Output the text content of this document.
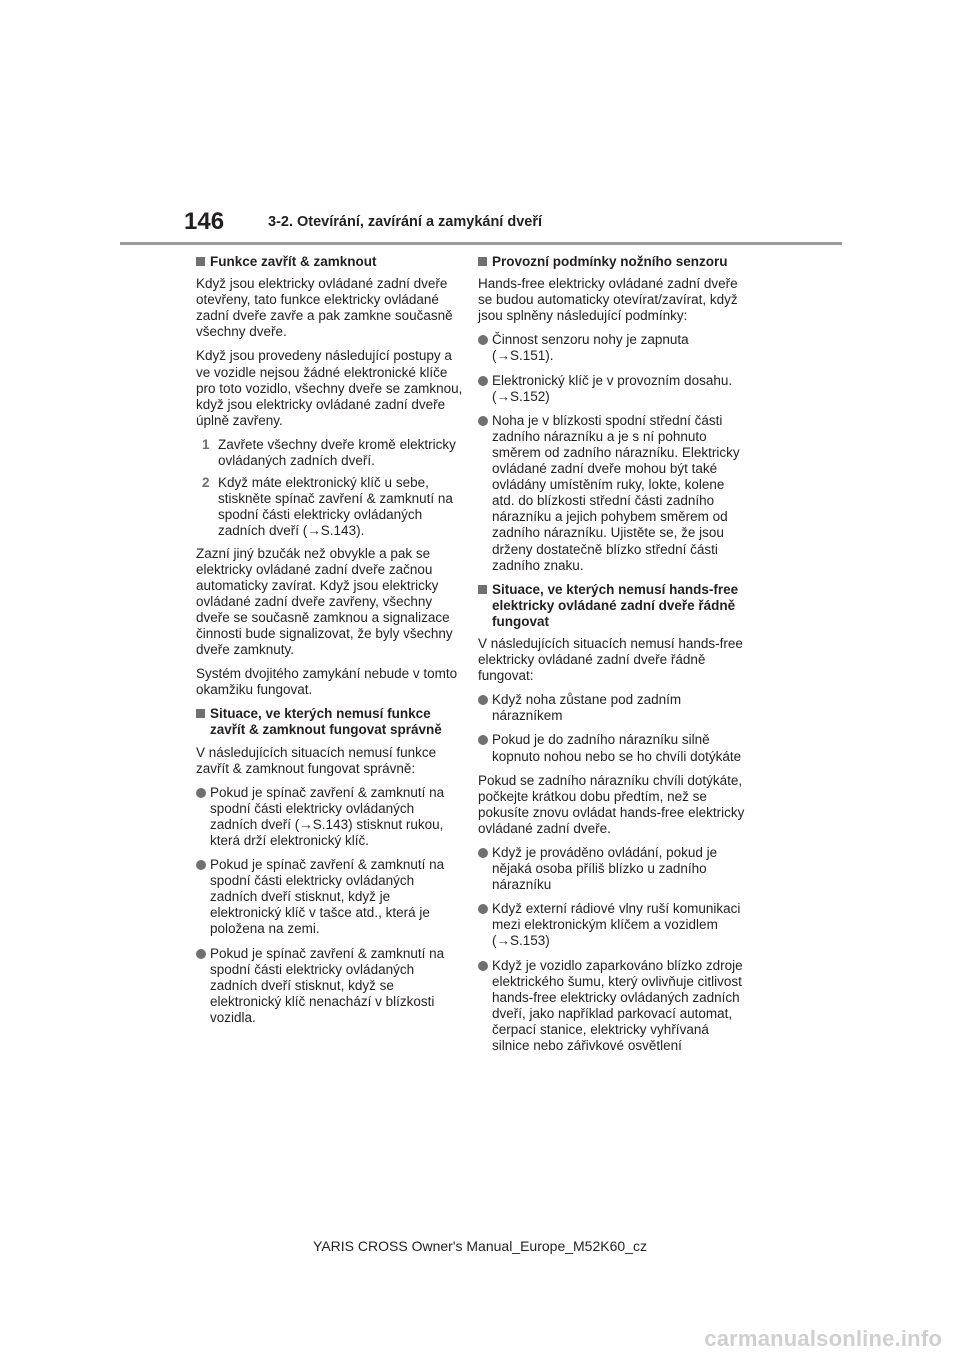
146	3-2. Otevírání, zavírání a zamykání dveří
Funkce zavřít & zamknout

Když jsou elektricky ovládané zadní dveře otevřeny, tato funkce elektricky ovládané zadní dveře zavře a pak zamkne současně všechny dveře.

Když jsou provedeny následující postupy a ve vozidle nejsou žádné elektronické klíče pro toto vozidlo, všechny dveře se zamknou, když jsou elektricky ovládané zadní dveře úplně zavřeny.

1 Zavřete všechny dveře kromě elektricky ovládaných zadních dveří.
2 Když máte elektronický klíč u sebe, stiskněte spínač zavření & zamknutí na spodní části elektricky ovládaných zadních dveří (→S.143).

Zazní jiný bzučák než obvykle a pak se elektricky ovládané zadní dveře začnou automaticky zavírat. Když jsou elektricky ovládané zadní dveře zavřeny, všechny dveře se současně zamknou a signalizace činnosti bude signalizovat, že byly všechny dveře zamknuty.

Systém dvojitého zamykání nebude v tomto okamžiku fungovat.

Situace, ve kterých nemusí funkce zavřít & zamknout fungovat správně

V následujících situacích nemusí funkce zavřít & zamknout fungovat správně:

Pokud je spínač zavření & zamknutí na spodní části elektricky ovládaných zadních dveří (→S.143) stisknut rukou, která drží elektronický klíč.
Pokud je spínač zavření & zamknutí na spodní části elektricky ovládaných zadních dveří stisknut, když je elektronický klíč v tašce atd., která je položena na zemi.
Pokud je spínač zavření & zamknutí na spodní části elektricky ovládaných zadních dveří stisknut, když se elektronický klíč nenachází v blízkosti vozidla.
Provozní podmínky nožního senzoru

Hands-free elektricky ovládané zadní dveře se budou automaticky otevírat/zavírat, když jsou splněny následující podmínky:

Činnost senzoru nohy je zapnuta (→S.151).
Elektronický klíč je v provozním dosahu. (→S.152)
Noha je v blízkosti spodní střední části zadního nárazníku a je s ní pohnuto směrem od zadního nárazníku. Elektricky ovládané zadní dveře mohou být také ovládány umístěním ruky, lokte, kolene atd. do blízkosti střední části zadního nárazníku a jejich pohybem směrem od zadního nárazníku. Ujistěte se, že jsou drženy dostatečně blízko střední části zadního znaku.
Situace, ve kterých nemusí hands-free elektricky ovládané zadní dveře řádně fungovat

V následujících situacích nemusí hands-free elektricky ovládané zadní dveře řádně fungovat:

Když noha zůstane pod zadním nárazníkem
Pokud je do zadního nárazníku silně kopnuto nohou nebo se ho chvíli dotýkáte

Pokud se zadního nárazníku chvíli dotýkáte, počkejte krátkou dobu předtím, než se pokusíte znovu ovládat hands-free elektricky ovládané zadní dveře.

Když je prováděno ovládání, pokud je nějaká osoba příliš blízko u zadního nárazníku
Když externí rádiové vlny ruší komunikaci mezi elektronickým klíčem a vozidlem (→S.153)
Když je vozidlo zaparkováno blízko zdroje elektrického šumu, který ovlivňuje citlivost hands-free elektricky ovládaných zadních dveří, jako například parkovací automat, čerpací stanice, elektricky vyhřívaná silnice nebo zářivkové osvětlení
YARIS CROSS Owner's Manual_Europe_M52K60_cz
carmanualsonline.info
